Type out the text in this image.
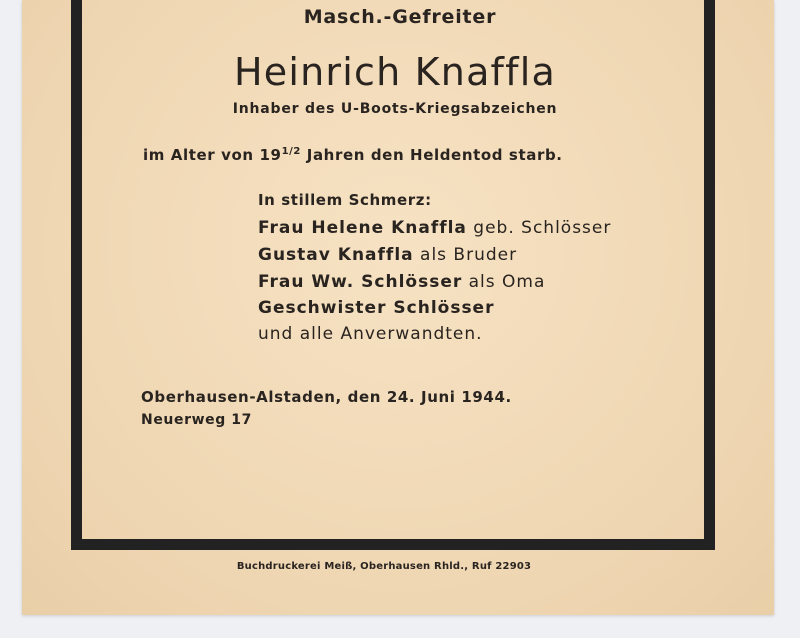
Masch.-Gefreiter
Heinrich Knaffla
Inhaber des U-Boots-Kriegsabzeichen
im Alter von $19^{1/2}$ Jahren den Heldentod starb.
In stillem Schmerz:
Frau Helene Knaffla geb. Schlösser
Gustav Knaffla als Bruder
Frau Ww. Schlösser als Oma
Geschwister Schlösser
und alle Anverwandten.
Oberhausen-Alstaden, den 24. Juni 1944.
Neuerweg 17
Buchdruckerei Meiß, Oberhausen Rhld., Ruf 22903
